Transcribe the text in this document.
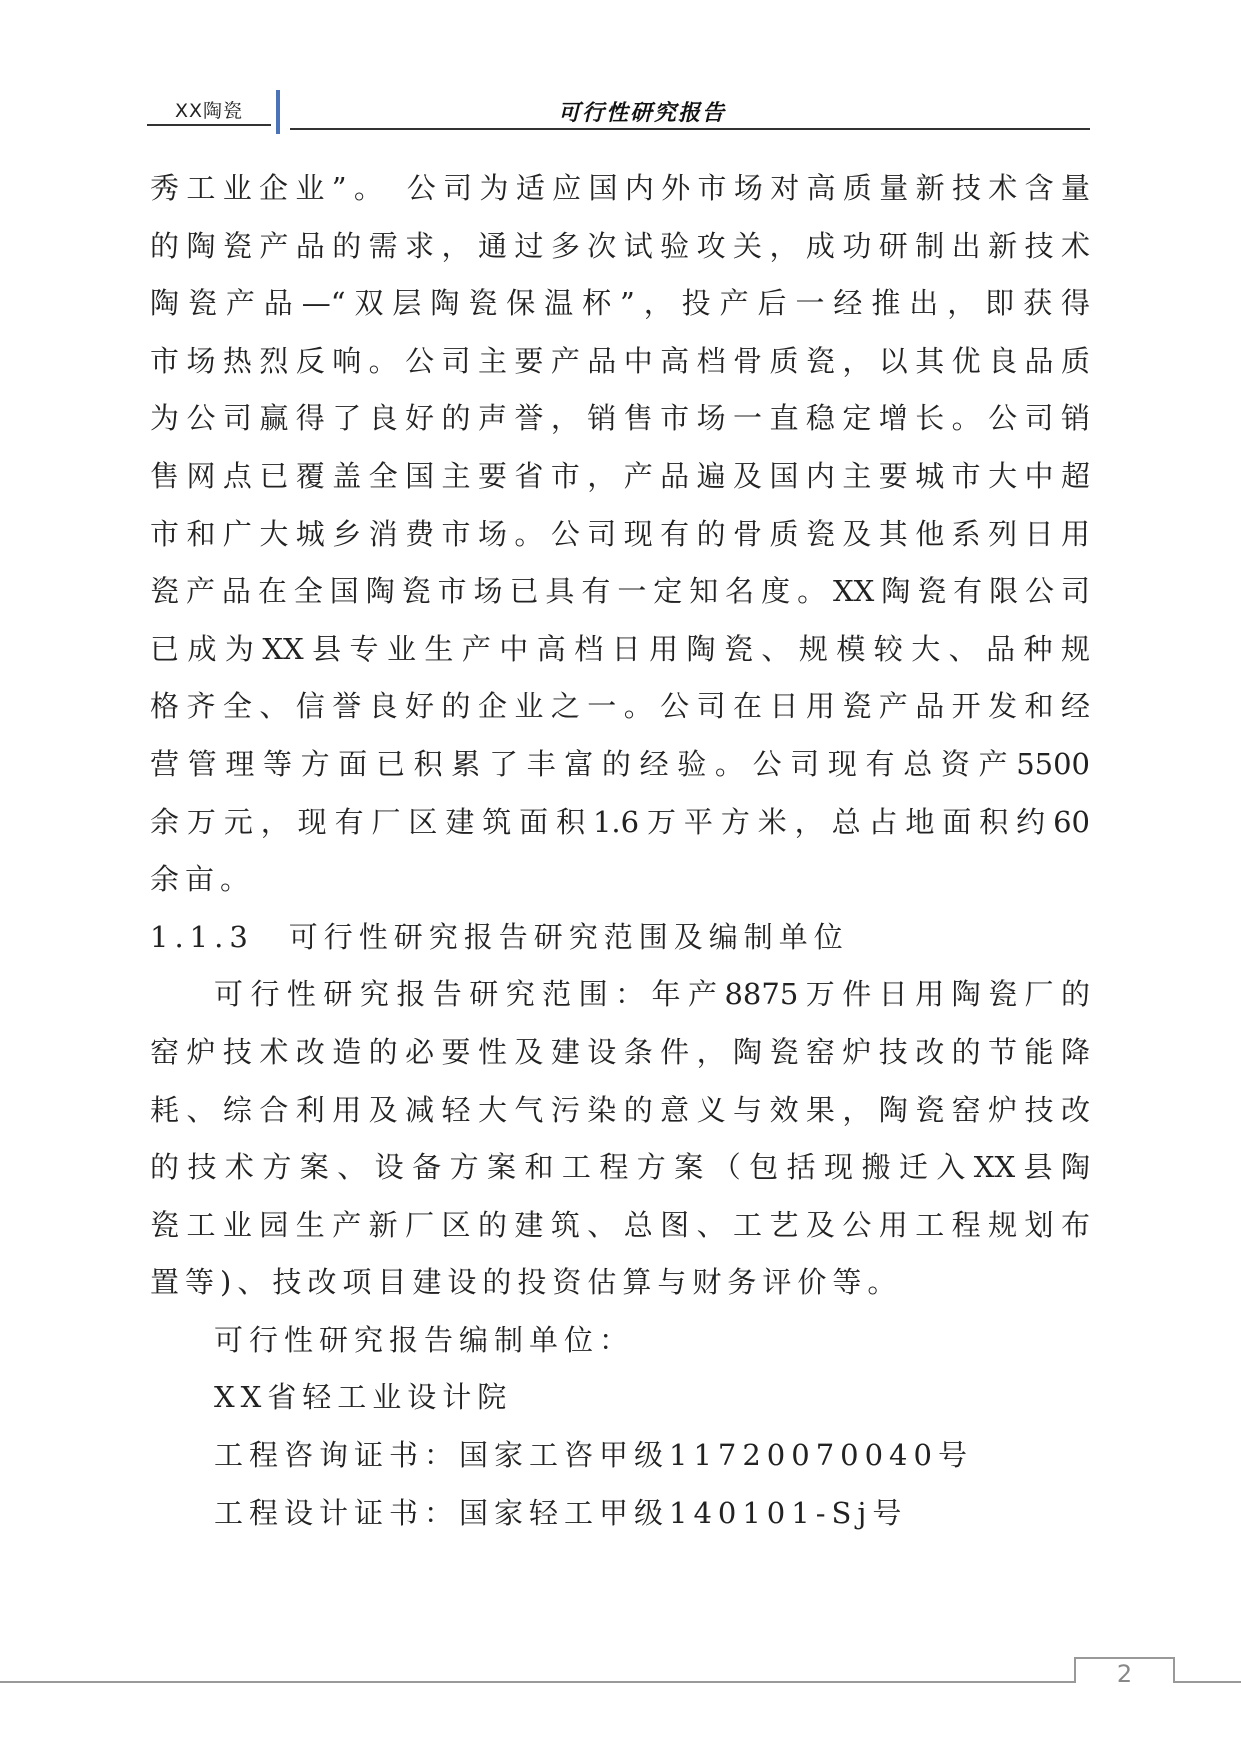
XX陶瓷	可行性研究报告
秀工业企业”。 公司为适应国内外市场对高质量新技术含量
的陶瓷产品的需求，通过多次试验攻关，成功研制出新技术
陶瓷产品—“双层陶瓷保温杯”，投产后一经推出，即获得
市场热烈反响。公司主要产品中高档骨质瓷，以其优良品质
为公司赢得了良好的声誉，销售市场一直稳定增长。公司销
售网点已覆盖全国主要省市，产品遍及国内主要城市大中超
市和广大城乡消费市场。公司现有的骨质瓷及其他系列日用
瓷产品在全国陶瓷市场已具有一定知名度。XX陶瓷有限公司
已成为XX县专业生产中高档日用陶瓷、规模较大、品种规
格齐全、信誉良好的企业之一。公司在日用瓷产品开发和经
营管理等方面已积累了丰富的经验。公司现有总资产5500
余万元，现有厂区建筑面积1.6万平方米，总占地面积约60
余亩。
1.1.3　可行性研究报告研究范围及编制单位
可行性研究报告研究范围：年产8875万件日用陶瓷厂的
窑炉技术改造的必要性及建设条件，陶瓷窑炉技改的节能降
耗、综合利用及减轻大气污染的意义与效果，陶瓷窑炉技改
的技术方案、设备方案和工程方案（包括现搬迁入XX县陶
瓷工业园生产新厂区的建筑、总图、工艺及公用工程规划布
置等)、技改项目建设的投资估算与财务评价等。
可行性研究报告编制单位：
XX省轻工业设计院
工程咨询证书：国家工咨甲级11720070040号
工程设计证书：国家轻工甲级140101-Sj号
2
